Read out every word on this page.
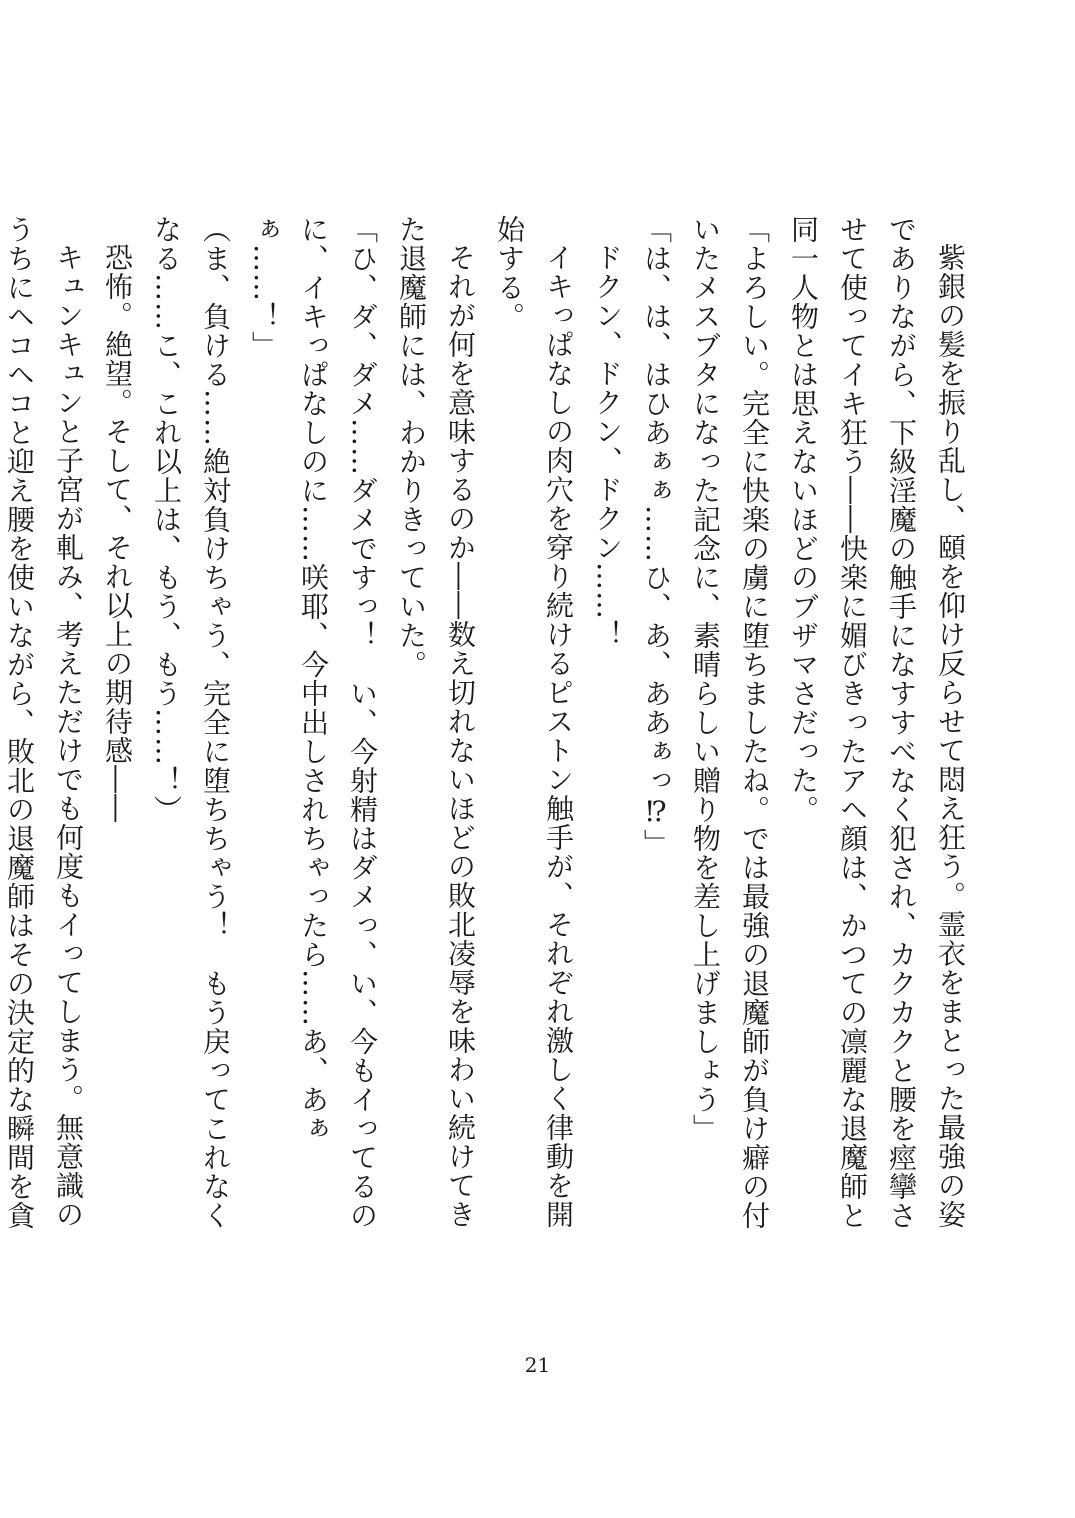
紫銀の髪を振り乱し、頤を仰け反らせて悶え狂う。霊衣をまとった最強の姿でありながら、下級淫魔の触手になすすべなく犯され、カクカクと腰を痙攣させて使ってイキ狂う――快楽に媚びきったアヘ顔は、かつての凛麗な退魔師と同一人物とは思えないほどのブザマさだった。

「よろしい。完全に快楽の虜に堕ちましたね。では最強の退魔師が負け癖の付いたメスブタになった記念に、素晴らしい贈り物を差し上げましょう」

「は、は、はひあぁぁ……ひ、あ、ああぁっ⁉」

ドクン、ドクン、ドクン……！

イキっぱなしの肉穴を穿り続けるピストン触手が、それぞれ激しく律動を開始する。

それが何を意味するのか――数え切れないほどの敗北凌辱を味わい続けてきた退魔師には、わかりきっていた。

「ひ、ダ、ダメ……ダメですっ！　い、今射精はダメっ、い、今もイってるのに、イキっぱなしのに……咲耶、今中出しされちゃったら……あ、あぁぁ……！」

（ま、負ける……絶対負けちゃう、完全に堕ちちゃう！　もう戻ってこれなくなる……こ、これ以上は、もう、もう……！）

恐怖。絶望。そして、それ以上の期待感――

キュンキュンと子宮が軋み、考えただけでも何度もイってしまう。無意識のうちにヘコヘコと迎え腰を使いながら、敗北の退魔師はその決定的な瞬間を貪

21
